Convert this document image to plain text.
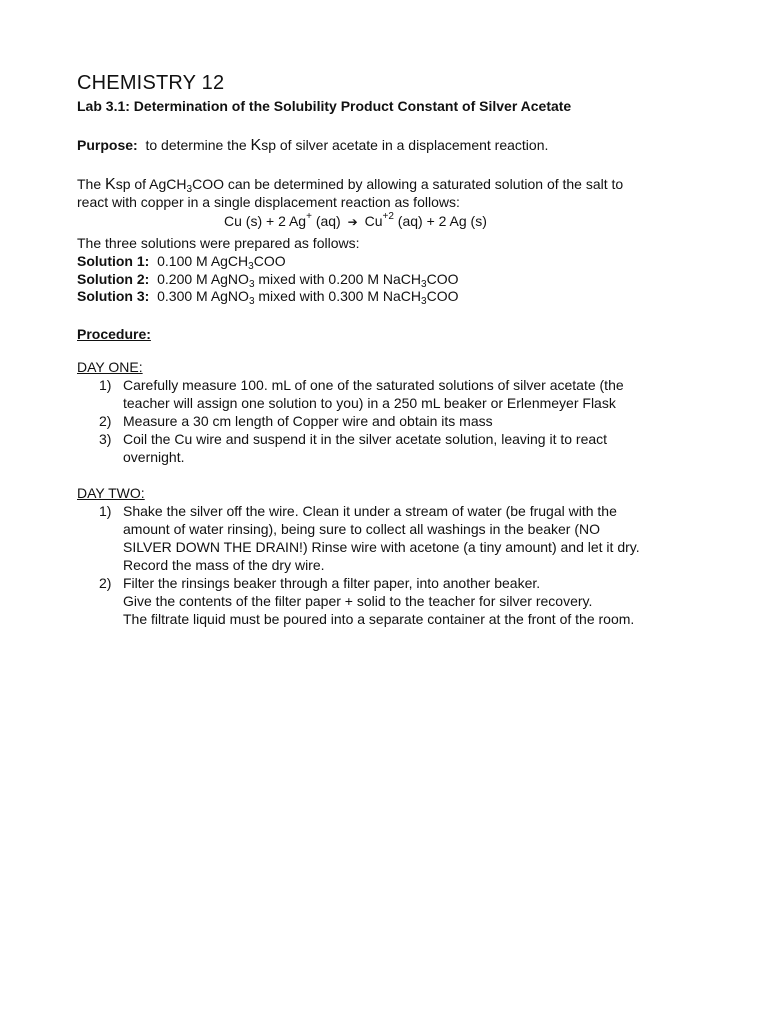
CHEMISTRY 12
Lab 3.1: Determination of the Solubility Product Constant of Silver Acetate
Purpose: to determine the Ksp of silver acetate in a displacement reaction.
The Ksp of AgCH$_3$COO can be determined by allowing a saturated solution of the salt to
react with copper in a single displacement reaction as follows:
Cu (s) + 2 Ag+ (aq) ➔ $Cu^{+2}$ (aq) + 2 Ag (s)
The three solutions were prepared as follows:
Solution 1: 0.100 M AgCH$_3$COO
Solution 2: 0.200 M AgNO$_3$ mixed with 0.200 M NaCH$_3$COO
Solution 3: 0.300 M AgNO$_3$ mixed with 0.300 M NaCH$_3$COO
Procedure:
DAY ONE:
1) Carefully measure 100. mL of one of the saturated solutions of silver acetate (the
teacher will assign one solution to you) in a 250 mL beaker or Erlenmeyer Flask
2) Measure a 30 cm length of Copper wire and obtain its mass
3) Coil the Cu wire and suspend it in the silver acetate solution, leaving it to react
overnight.
DAY TWO:
1) Shake the silver off the wire. Clean it under a stream of water (be frugal with the
amount of water rinsing), being sure to collect all washings in the beaker (NO
SILVER DOWN THE DRAIN!) Rinse wire with acetone (a tiny amount) and let it dry.
Record the mass of the dry wire.
2) Filter the rinsings beaker through a filter paper, into another beaker.
Give the contents of the filter paper + solid to the teacher for silver recovery.
The filtrate liquid must be poured into a separate container at the front of the room.
